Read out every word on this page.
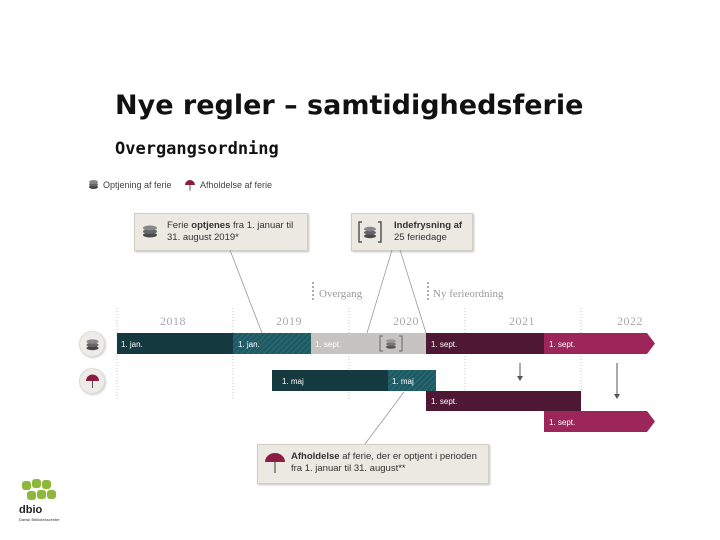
Nye regler – samtidighedsferie
Overgangsordning
Optjening af ferie	Afholdelse af ferie
Ferie optjenes fra 1. januar til
31. august 2019*
Indefrysning af
25 feriedage
Overgang	Ny ferieordning
2018	2019	2020	2021	2022
1. jan.	1. jan.	1. sept.	1. sept.	1. sept.
1. maj	1. maj
1. sept.
1. sept.
Afholdelse af ferie, der er optjent i perioden
fra 1. januar til 31. august**
dbio
Dansk Bibliotekscenter
